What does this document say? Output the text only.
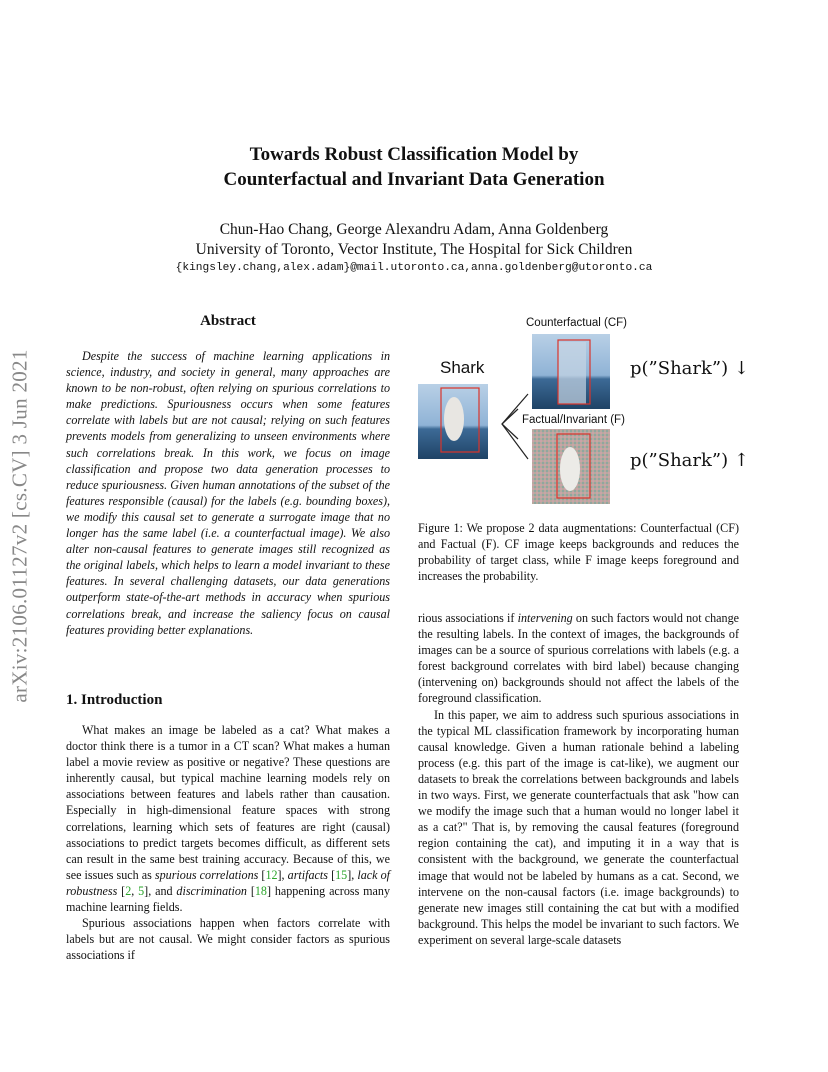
Towards Robust Classification Model by
Counterfactual and Invariant Data Generation
Chun-Hao Chang, George Alexandru Adam, Anna Goldenberg
University of Toronto, Vector Institute, The Hospital for Sick Children
{kingsley.chang,alex.adam}@mail.utoronto.ca,anna.goldenberg@utoronto.ca
arXiv:2106.01127v2 [cs.CV] 3 Jun 2021
Abstract

Despite the success of machine learning applications in science, industry, and society in general, many approaches are known to be non-robust, often relying on spurious correlations to make predictions. Spuriousness occurs when some features correlate with labels but are not causal; relying on such features prevents models from generalizing to unseen environments where such correlations break. In this work, we focus on image classification and propose two data generation processes to reduce spuriousness. Given human annotations of the subset of the features responsible (causal) for the labels (e.g. bounding boxes), we modify this causal set to generate a surrogate image that no longer has the same label (i.e. a counterfactual image). We also alter non-causal features to generate images still recognized as the original labels, which helps to learn a model invariant to these features. In several challenging datasets, our data generations outperform state-of-the-art methods in accuracy when spurious correlations break, and increase the saliency focus on causal features providing better explanations.

1. Introduction

What makes an image be labeled as a cat? What makes a doctor think there is a tumor in a CT scan? What makes a human label a movie review as positive or negative? These questions are inherently causal, but typical machine learning models rely on associations between features and labels rather than causation. Especially in high-dimensional feature spaces with strong correlations, learning which sets of features are right (causal) associations to predict targets becomes difficult, as different sets can result in the same best training accuracy. Because of this, we see issues such as spurious correlations [12], artifacts [15], lack of robustness [2, 5], and discrimination [18] happening across many machine learning fields.

Spurious associations happen when factors correlate with labels but are not causal. We might consider factors as spurious associations if

Shark
Counterfactual (CF)
Factual/Invariant (F)
p(”Shark”) ↓
p(”Shark”) ↑
Figure 1: We propose 2 data augmentations: Counterfactual (CF) and Factual (F). CF image keeps backgrounds and reduces the probability of target class, while F image keeps foreground and increases the probability.

rious associations if intervening on such factors would not change the resulting labels. In the context of images, the backgrounds of images can be a source of spurious correlations with labels (e.g. a forest background correlates with bird label) because changing (intervening on) backgrounds should not affect the labels of the foreground classification.

In this paper, we aim to address such spurious associations in the typical ML classification framework by incorporating human causal knowledge. Given a human rationale behind a labeling process (e.g. this part of the image is cat-like), we augment our datasets to break the correlations between backgrounds and labels in two ways. First, we generate counterfactuals that ask "how can we modify the image such that a human would no longer label it as a cat?" That is, by removing the causal features (foreground region containing the cat), and imputing it in a way that is consistent with the background, we generate the counterfactual image that would not be labeled by humans as a cat. Second, we intervene on the non-causal factors (i.e. image backgrounds) to generate new images still containing the cat but with a modified background. This helps the model be invariant to such factors. We experiment on several large-scale datasets
